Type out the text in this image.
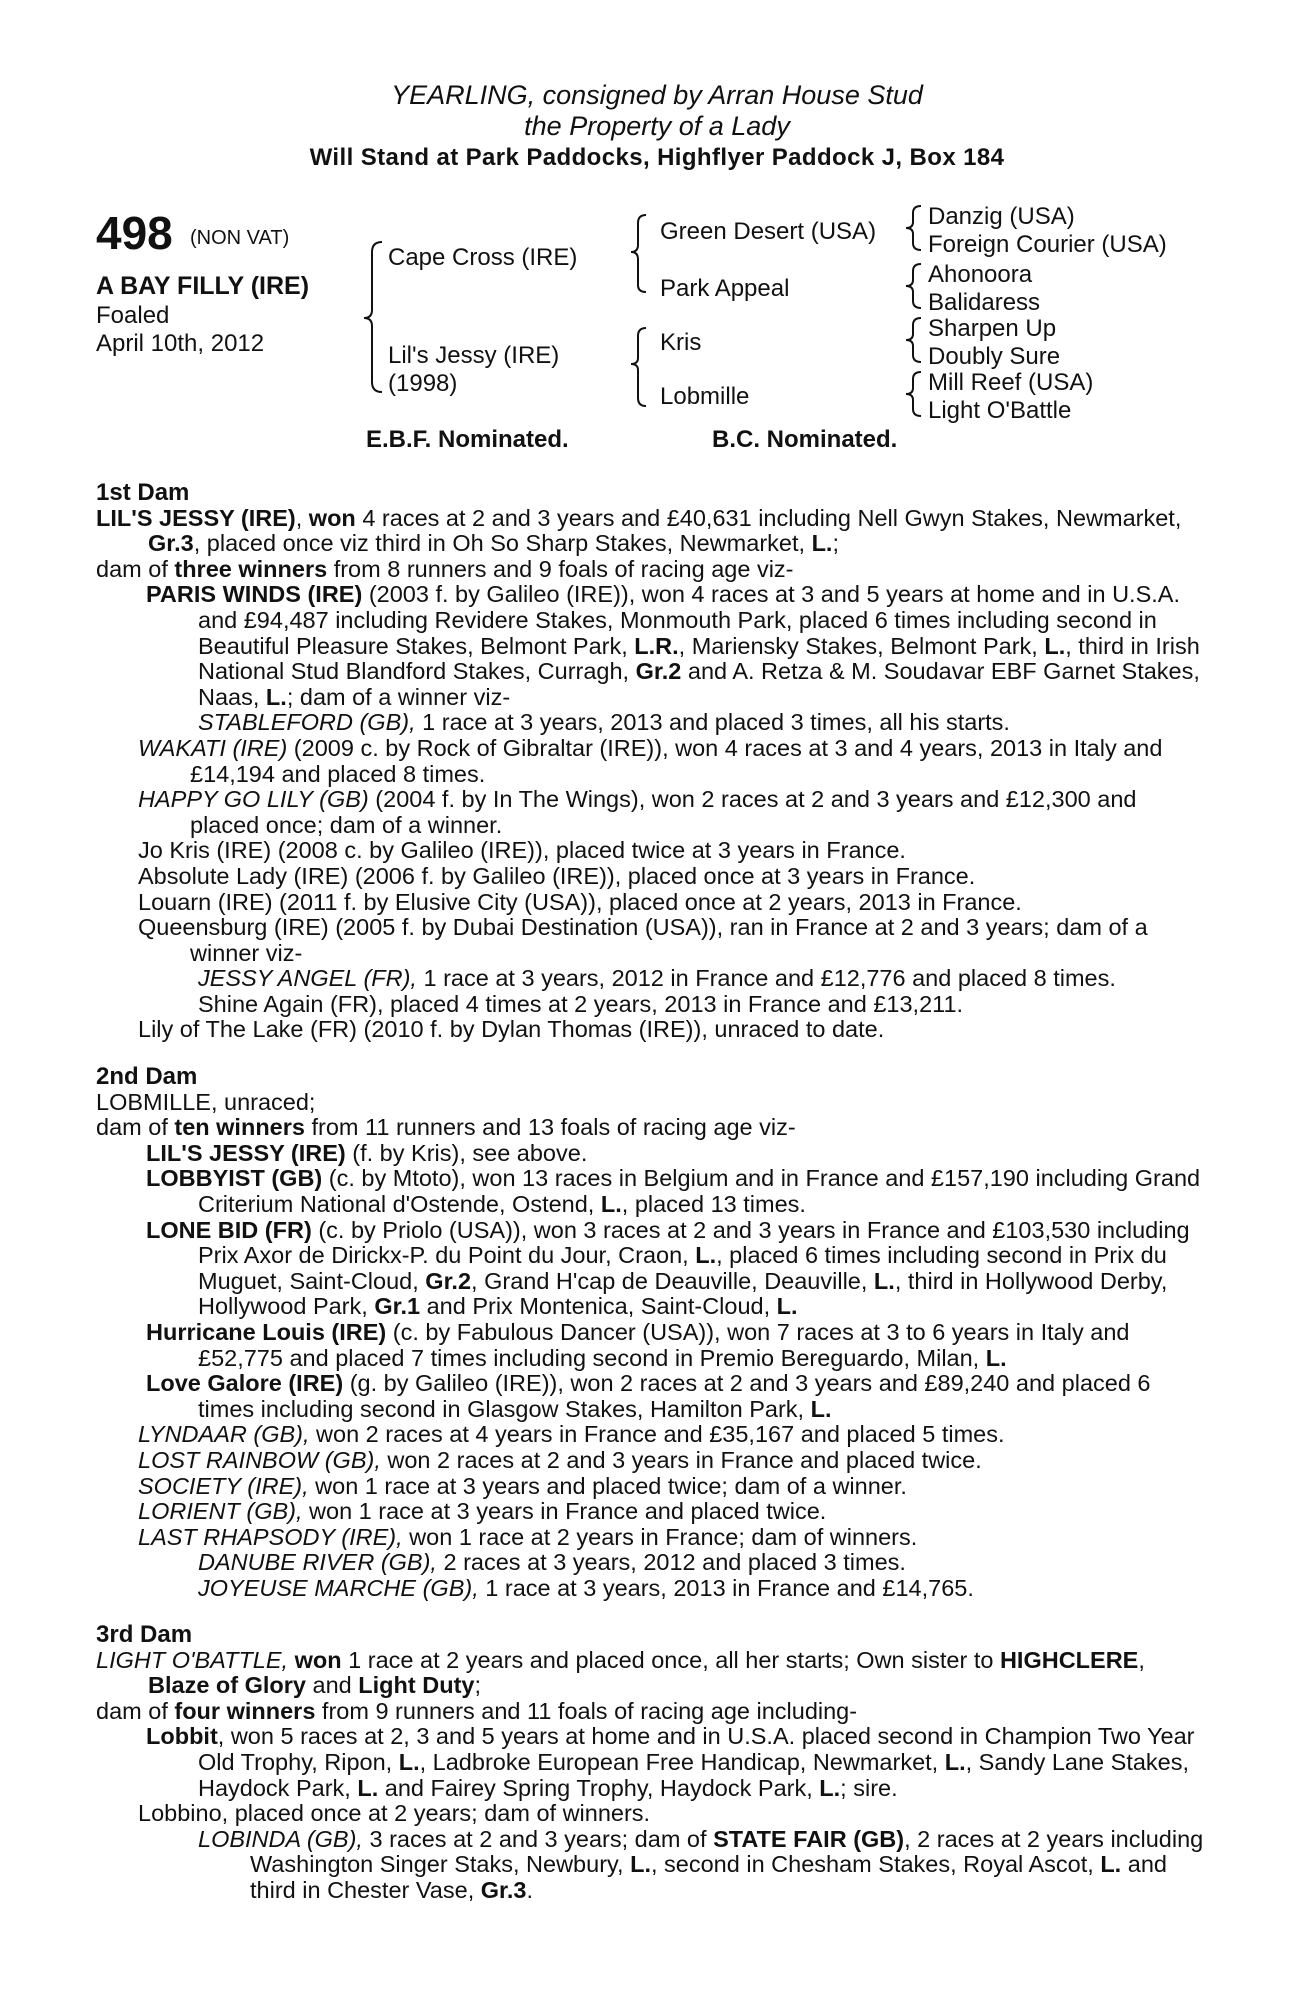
YEARLING, consigned by Arran House Stud
the Property of a Lady
Will Stand at Park Paddocks, Highflyer Paddock J, Box 184
498 (NON VAT)
A BAY FILLY (IRE)
Foaled
April 10th, 2012
Cape Cross (IRE)
Lil's Jessy (IRE)
(1998)
Green Desert (USA)
Park Appeal
Kris
Lobmille
Danzig (USA)
Foreign Courier (USA)
Ahonoora
Balidaress
Sharpen Up
Doubly Sure
Mill Reef (USA)
Light O'Battle
E.B.F. Nominated.	B.C. Nominated.

1st Dam

LIL'S JESSY (IRE), won 4 races at 2 and 3 years and £40,631 including Nell Gwyn Stakes, Newmarket, Gr.3, placed once viz third in Oh So Sharp Stakes, Newmarket, L.;

dam of three winners from 8 runners and 9 foals of racing age viz-

PARIS WINDS (IRE) (2003 f. by Galileo (IRE)), won 4 races at 3 and 5 years at home and in U.S.A. and £94,487 including Revidere Stakes, Monmouth Park, placed 6 times including second in Beautiful Pleasure Stakes, Belmont Park, L.R., Mariensky Stakes, Belmont Park, L., third in Irish National Stud Blandford Stakes, Curragh, Gr.2 and A. Retza & M. Soudavar EBF Garnet Stakes, Naas, L.; dam of a winner viz-

STABLEFORD (GB), 1 race at 3 years, 2013 and placed 3 times, all his starts.

WAKATI (IRE) (2009 c. by Rock of Gibraltar (IRE)), won 4 races at 3 and 4 years, 2013 in Italy and £14,194 and placed 8 times.

HAPPY GO LILY (GB) (2004 f. by In The Wings), won 2 races at 2 and 3 years and £12,300 and placed once; dam of a winner.

Jo Kris (IRE) (2008 c. by Galileo (IRE)), placed twice at 3 years in France.

Absolute Lady (IRE) (2006 f. by Galileo (IRE)), placed once at 3 years in France.

Louarn (IRE) (2011 f. by Elusive City (USA)), placed once at 2 years, 2013 in France.

Queensburg (IRE) (2005 f. by Dubai Destination (USA)), ran in France at 2 and 3 years; dam of a winner viz-

JESSY ANGEL (FR), 1 race at 3 years, 2012 in France and £12,776 and placed 8 times.

Shine Again (FR), placed 4 times at 2 years, 2013 in France and £13,211.

Lily of The Lake (FR) (2010 f. by Dylan Thomas (IRE)), unraced to date.

2nd Dam

LOBMILLE, unraced;

dam of ten winners from 11 runners and 13 foals of racing age viz-

LIL'S JESSY (IRE) (f. by Kris), see above.

LOBBYIST (GB) (c. by Mtoto), won 13 races in Belgium and in France and £157,190 including Grand Criterium National d'Ostende, Ostend, L., placed 13 times.

LONE BID (FR) (c. by Priolo (USA)), won 3 races at 2 and 3 years in France and £103,530 including Prix Axor de Dirickx-P. du Point du Jour, Craon, L., placed 6 times including second in Prix du Muguet, Saint-Cloud, Gr.2, Grand H'cap de Deauville, Deauville, L., third in Hollywood Derby, Hollywood Park, Gr.1 and Prix Montenica, Saint-Cloud, L.

Hurricane Louis (IRE) (c. by Fabulous Dancer (USA)), won 7 races at 3 to 6 years in Italy and £52,775 and placed 7 times including second in Premio Bereguardo, Milan, L.

Love Galore (IRE) (g. by Galileo (IRE)), won 2 races at 2 and 3 years and £89,240 and placed 6 times including second in Glasgow Stakes, Hamilton Park, L.

LYNDAAR (GB), won 2 races at 4 years in France and £35,167 and placed 5 times.

LOST RAINBOW (GB), won 2 races at 2 and 3 years in France and placed twice.

SOCIETY (IRE), won 1 race at 3 years and placed twice; dam of a winner.

LORIENT (GB), won 1 race at 3 years in France and placed twice.

LAST RHAPSODY (IRE), won 1 race at 2 years in France; dam of winners.

DANUBE RIVER (GB), 2 races at 3 years, 2012 and placed 3 times.

JOYEUSE MARCHE (GB), 1 race at 3 years, 2013 in France and £14,765.

3rd Dam

LIGHT O'BATTLE, won 1 race at 2 years and placed once, all her starts; Own sister to HIGHCLERE, Blaze of Glory and Light Duty;

dam of four winners from 9 runners and 11 foals of racing age including-

Lobbit, won 5 races at 2, 3 and 5 years at home and in U.S.A. placed second in Champion Two Year Old Trophy, Ripon, L., Ladbroke European Free Handicap, Newmarket, L., Sandy Lane Stakes, Haydock Park, L. and Fairey Spring Trophy, Haydock Park, L.; sire.

Lobbino, placed once at 2 years; dam of winners.

LOBINDA (GB), 3 races at 2 and 3 years; dam of STATE FAIR (GB), 2 races at 2 years including Washington Singer Staks, Newbury, L., second in Chesham Stakes, Royal Ascot, L. and third in Chester Vase, Gr.3.
